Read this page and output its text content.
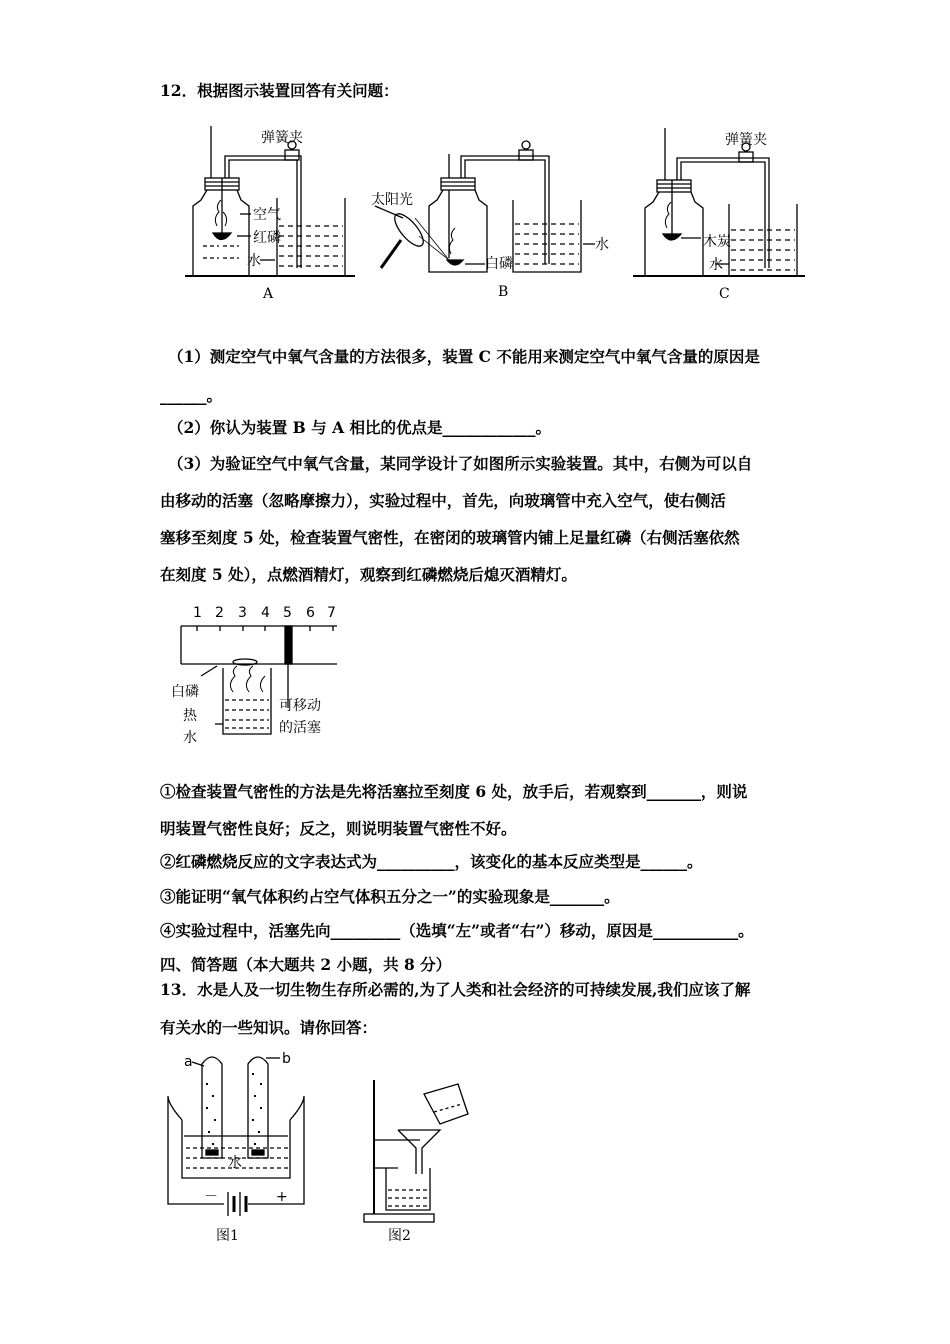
12．根据图示装置回答有关问题：
弹簧夹
空气
红磷
水
A
太阳光
白磷
水
B
弹簧夹
木炭
水
C
（1）测定空气中氧气含量的方法很多，装置 C 不能用来测定空气中氧气含量的原因是
______。
（2）你认为装置 B 与 A 相比的优点是____________。
（3）为验证空气中氧气含量，某同学设计了如图所示实验装置。其中，右侧为可以自
由移动的活塞（忽略摩擦力），实验过程中，首先，向玻璃管中充入空气，使右侧活
塞移至刻度 5 处，检查装置气密性，在密闭的玻璃管内铺上足量红磷（右侧活塞依然
在刻度 5 处），点燃酒精灯，观察到红磷燃烧后熄灭酒精灯。
1 2 3 4 5 6 7
白磷
热
水
可移动
的活塞
①检查装置气密性的方法是先将活塞拉至刻度 6 处，放手后，若观察到_______，则说
明装置气密性良好；反之，则说明装置气密性不好。
②红磷燃烧反应的文字表达式为__________，该变化的基本反应类型是______。
③能证明“氧气体积约占空气体积五分之一”的实验现象是_______。
④实验过程中，活塞先向_________（选填“左”或者“右”）移动，原因是___________。
四、简答题（本大题共 2 小题，共 8 分）
13．水是人及一切生物生存所必需的,为了人类和社会经济的可持续发展,我们应该了解
有关水的一些知识。请你回答：
a	b
水
－	+
图1	图2
